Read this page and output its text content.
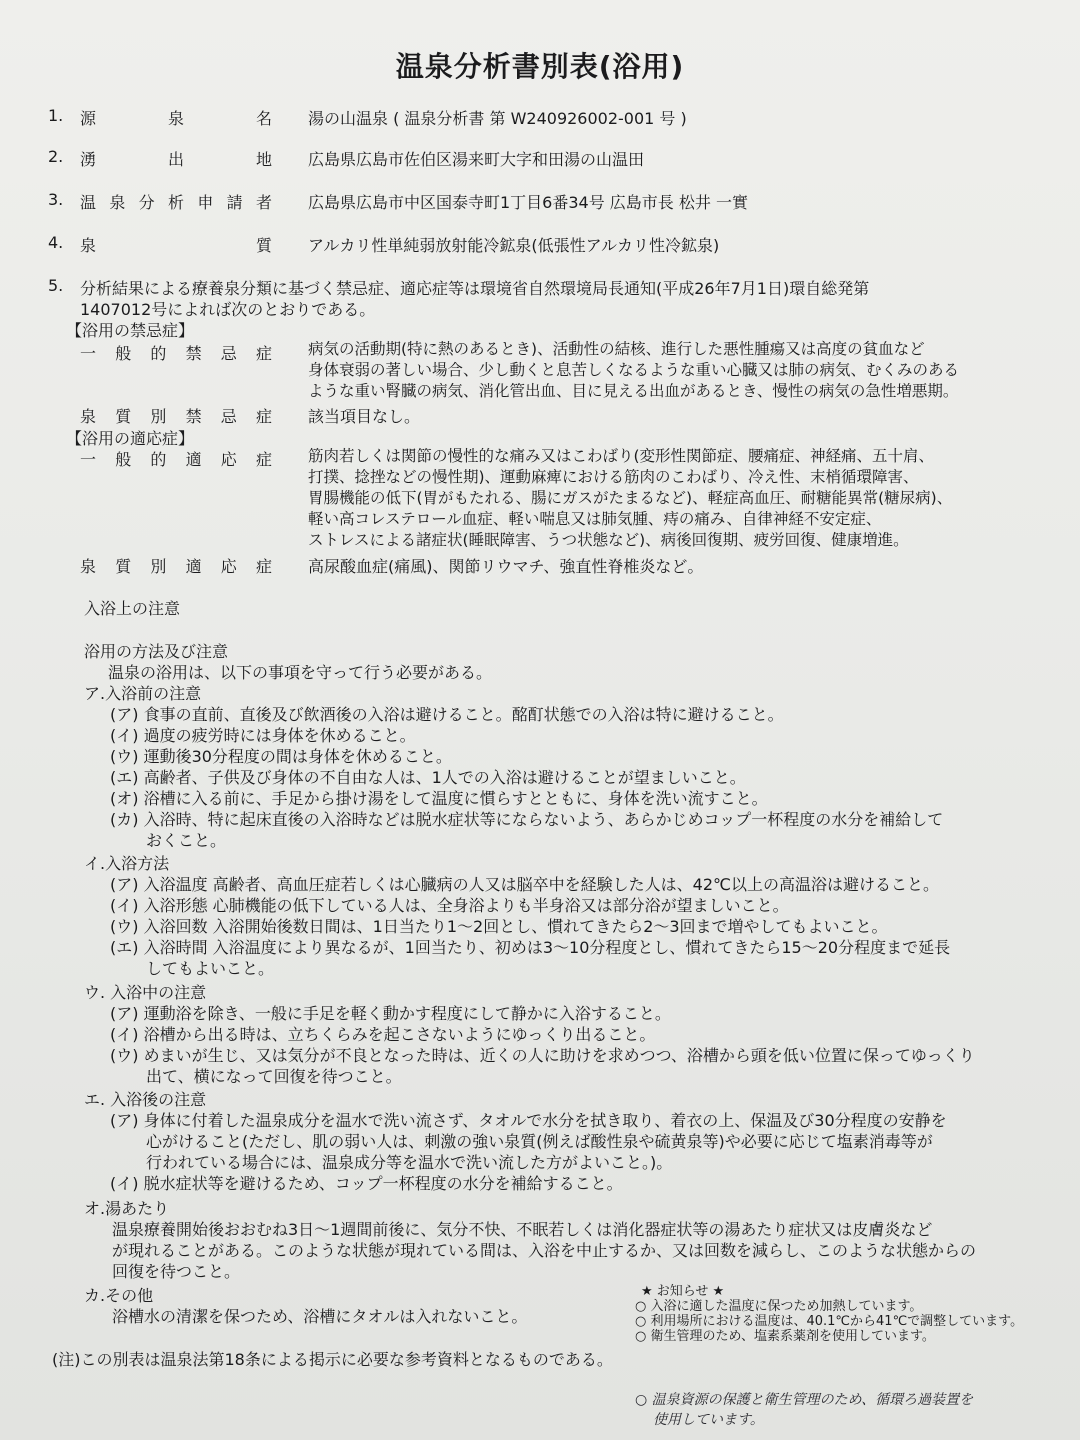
温泉分析書別表(浴用)
1. 源	泉	名 湯の山温泉 ( 温泉分析書 第 W240926002-001 号 )
2. 湧	出	地 広島県広島市佐伯区湯来町大字和田湯の山温田
3. 温 泉 分 析 申 請 者 広島県広島市中区国泰寺町1丁目6番34号 広島市長 松井 一實
4. 泉	質 アルカリ性単純弱放射能冷鉱泉(低張性アルカリ性冷鉱泉)
5. 分析結果による療養泉分類に基づく禁忌症、適応症等は環境省自然環境局長通知(平成26年7月1日)環自総発第
1407012号によれば次のとおりである。
【浴用の禁忌症】
一 般 的 禁 忌 症 病気の活動期(特に熱のあるとき)、活動性の結核、進行した悪性腫瘍又は高度の貧血など
身体衰弱の著しい場合、少し動くと息苦しくなるような重い心臓又は肺の病気、むくみのある
ような重い腎臓の病気、消化管出血、目に見える出血があるとき、慢性の病気の急性増悪期。
泉 質 別 禁 忌 症 該当項目なし。
【浴用の適応症】
一 般 的 適 応 症 筋肉若しくは関節の慢性的な痛み又はこわばり(変形性関節症、腰痛症、神経痛、五十肩、
打撲、捻挫などの慢性期)、運動麻痺における筋肉のこわばり、冷え性、末梢循環障害、
胃腸機能の低下(胃がもたれる、腸にガスがたまるなど)、軽症高血圧、耐糖能異常(糖尿病)、
軽い高コレステロール血症、軽い喘息又は肺気腫、痔の痛み、自律神経不安定症、
ストレスによる諸症状(睡眠障害、うつ状態など)、病後回復期、疲労回復、健康増進。
泉 質 別 適 応 症 高尿酸血症(痛風)、関節リウマチ、強直性脊椎炎など。
入浴上の注意
浴用の方法及び注意
温泉の浴用は、以下の事項を守って行う必要がある。
ア.入浴前の注意
(ア) 食事の直前、直後及び飲酒後の入浴は避けること。酩酊状態での入浴は特に避けること。
(イ) 過度の疲労時には身体を休めること。
(ウ) 運動後30分程度の間は身体を休めること。
(エ) 高齢者、子供及び身体の不自由な人は、1人での入浴は避けることが望ましいこと。
(オ) 浴槽に入る前に、手足から掛け湯をして温度に慣らすとともに、身体を洗い流すこと。
(カ) 入浴時、特に起床直後の入浴時などは脱水症状等にならないよう、あらかじめコップ一杯程度の水分を補給して
おくこと。
イ.入浴方法
(ア) 入浴温度 高齢者、高血圧症若しくは心臓病の人又は脳卒中を経験した人は、42℃以上の高温浴は避けること。
(イ) 入浴形態 心肺機能の低下している人は、全身浴よりも半身浴又は部分浴が望ましいこと。
(ウ) 入浴回数 入浴開始後数日間は、1日当たり1～2回とし、慣れてきたら2～3回まで増やしてもよいこと。
(エ) 入浴時間 入浴温度により異なるが、1回当たり、初めは3～10分程度とし、慣れてきたら15～20分程度まで延長
してもよいこと。
ウ. 入浴中の注意
(ア) 運動浴を除き、一般に手足を軽く動かす程度にして静かに入浴すること。
(イ) 浴槽から出る時は、立ちくらみを起こさないようにゆっくり出ること。
(ウ) めまいが生じ、又は気分が不良となった時は、近くの人に助けを求めつつ、浴槽から頭を低い位置に保ってゆっくり
出て、横になって回復を待つこと。
エ. 入浴後の注意
(ア) 身体に付着した温泉成分を温水で洗い流さず、タオルで水分を拭き取り、着衣の上、保温及び30分程度の安静を
心がけること(ただし、肌の弱い人は、刺激の強い泉質(例えば酸性泉や硫黄泉等)や必要に応じて塩素消毒等が
行われている場合には、温泉成分等を温水で洗い流した方がよいこと。)。
(イ) 脱水症状等を避けるため、コップ一杯程度の水分を補給すること。
オ.湯あたり
温泉療養開始後おおむね3日～1週間前後に、気分不快、不眠若しくは消化器症状等の湯あたり症状又は皮膚炎など
が現れることがある。このような状態が現れている間は、入浴を中止するか、又は回数を減らし、このような状態からの
回復を待つこと。
カ.その他
浴槽水の清潔を保つため、浴槽にタオルは入れないこと。
(注)この別表は温泉法第18条による掲示に必要な参考資料となるものである。
★ お知らせ ★
○ 入浴に適した温度に保つため加熱しています。
○ 利用場所における温度は、40.1℃から41℃で調整しています。
○ 衛生管理のため、塩素系薬剤を使用しています。
○ 温泉資源の保護と衛生管理のため、循環ろ過装置を
使用しています。
